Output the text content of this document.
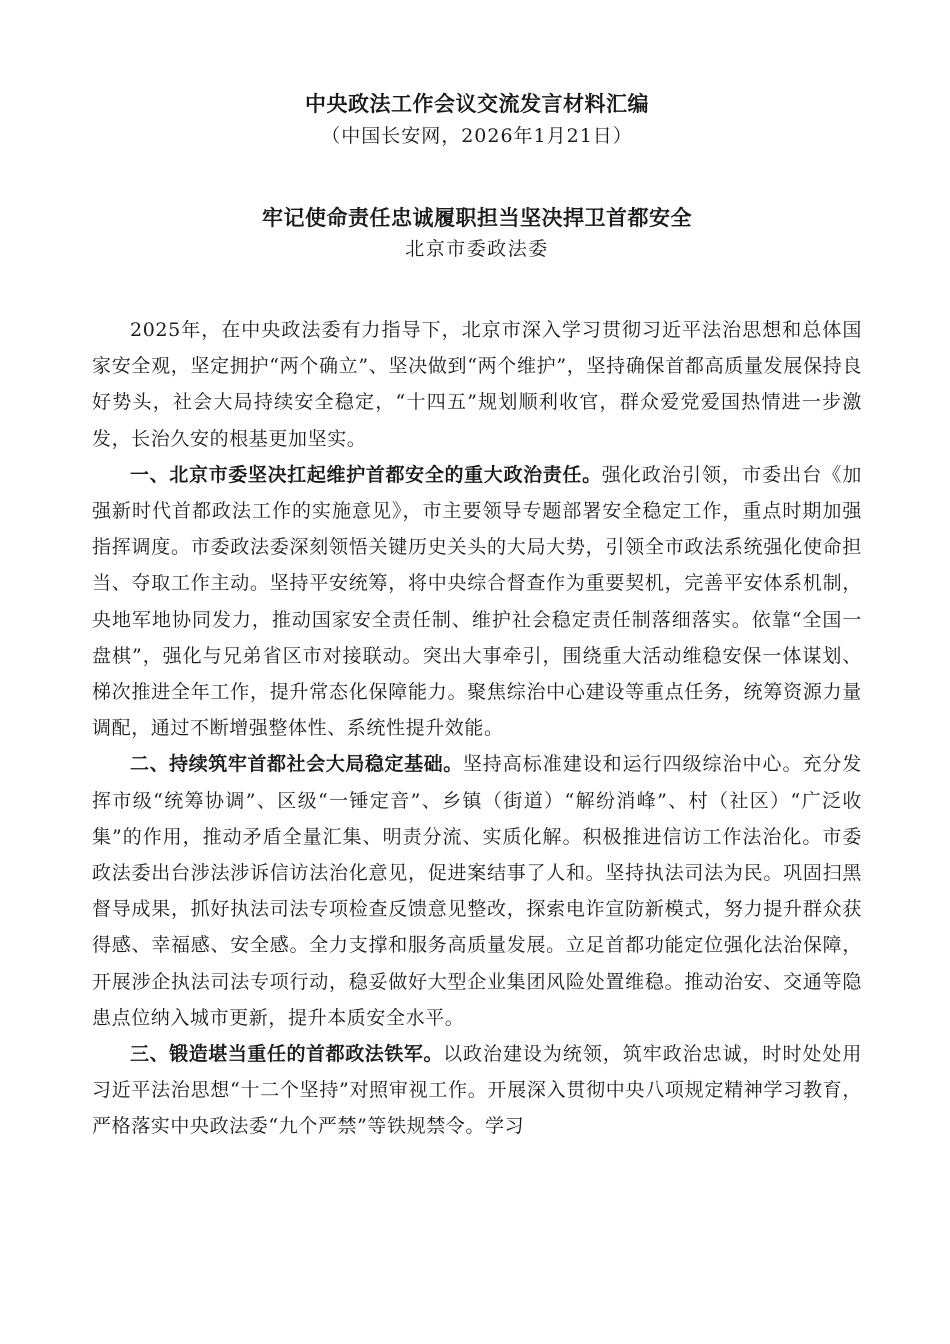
中央政法工作会议交流发言材料汇编

（中国长安网，2026年1月21日）

牢记使命责任忠诚履职担当坚决捍卫首都安全

北京市委政法委

2025年，在中央政法委有力指导下，北京市深入学习贯彻习近平法治思想和总体国家安全观，坚定拥护“两个确立”、坚决做到“两个维护”，坚持确保首都高质量发展保持良好势头，社会大局持续安全稳定，“十四五”规划顺利收官，群众爱党爱国热情进一步激发，长治久安的根基更加坚实。

一、北京市委坚决扛起维护首都安全的重大政治责任。强化政治引领，市委出台《加强新时代首都政法工作的实施意见》，市主要领导专题部署安全稳定工作，重点时期加强指挥调度。市委政法委深刻领悟关键历史关头的大局大势，引领全市政法系统强化使命担当、夺取工作主动。坚持平安统筹，将中央综合督查作为重要契机，完善平安体系机制，央地军地协同发力，推动国家安全责任制、维护社会稳定责任制落细落实。依靠“全国一盘棋”，强化与兄弟省区市对接联动。突出大事牵引，围绕重大活动维稳安保一体谋划、梯次推进全年工作，提升常态化保障能力。聚焦综治中心建设等重点任务，统筹资源力量调配，通过不断增强整体性、系统性提升效能。

二、持续筑牢首都社会大局稳定基础。坚持高标准建设和运行四级综治中心。充分发挥市级“统筹协调”、区级“一锤定音”、乡镇（街道）“解纷消峰”、村（社区）“广泛收集”的作用，推动矛盾全量汇集、明责分流、实质化解。积极推进信访工作法治化。市委政法委出台涉法涉诉信访法治化意见，促进案结事了人和。坚持执法司法为民。巩固扫黑督导成果，抓好执法司法专项检查反馈意见整改，探索电诈宣防新模式，努力提升群众获得感、幸福感、安全感。全力支撑和服务高质量发展。立足首都功能定位强化法治保障，开展涉企执法司法专项行动，稳妥做好大型企业集团风险处置维稳。推动治安、交通等隐患点位纳入城市更新，提升本质安全水平。

三、锻造堪当重任的首都政法铁军。以政治建设为统领，筑牢政治忠诚，时时处处用习近平法治思想“十二个坚持”对照审视工作。开展深入贯彻中央八项规定精神学习教育，严格落实中央政法委“九个严禁”等铁规禁令。学习
